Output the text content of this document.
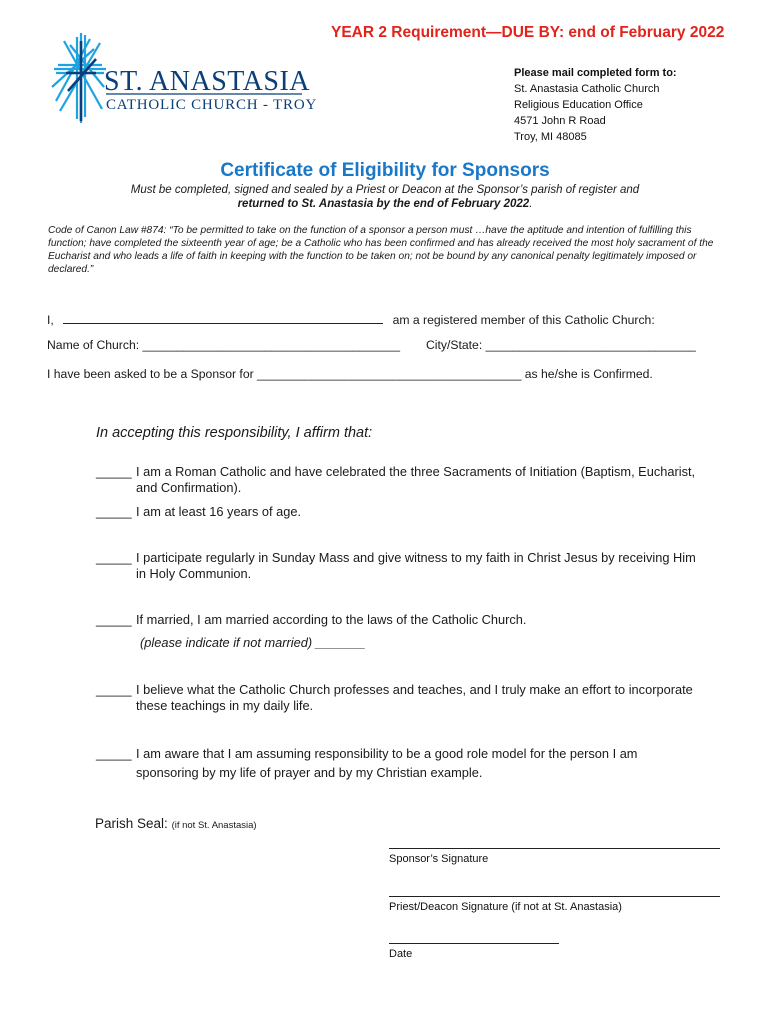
YEAR 2 Requirement—DUE BY: end of February 2022
ST. ANASTASIA
CATHOLIC CHURCH - TROY
Please mail completed form to:
St. Anastasia Catholic Church
Religious Education Office
4571 John R Road
Troy, MI 48085
Certificate of Eligibility for Sponsors
Must be completed, signed and sealed by a Priest or Deacon at the Sponsor’s parish of register and
returned to St. Anastasia by the end of February 2022.
Code of Canon Law #874: “To be permitted to take on the function of a sponsor a person must …have the aptitude and intention of fulfilling this function; have completed the sixteenth year of age; be a Catholic who has been confirmed and has already received the most holy sacrament of the Eucharist and who leads a life of faith in keeping with the function to be taken on; not be bound by any canonical penalty legitimately imposed or declared.”
I,	am a registered member of this Catholic Church:
Name of Church: ______________________________________ City/State: _______________________________
I have been asked to be a Sponsor for _______________________________________ as he/she is Confirmed.
In accepting this responsibility, I affirm that:
_____ I am a Roman Catholic and have celebrated the three Sacraments of Initiation (Baptism, Eucharist, and Confirmation).
_____ I am at least 16 years of age.
_____ I participate regularly in Sunday Mass and give witness to my faith in Christ Jesus by receiving Him in Holy Communion.
_____ If married, I am married according to the laws of the Catholic Church.
(please indicate if not married) _______
_____ I believe what the Catholic Church professes and teaches, and I truly make an effort to incorporate these teachings in my daily life.
_____ I am aware that I am assuming responsibility to be a good role model for the person I am sponsoring by my life of prayer and by my Christian example.
Parish Seal: (if not St. Anastasia)
Sponsor’s Signature
Priest/Deacon Signature (if not at St. Anastasia)
Date
